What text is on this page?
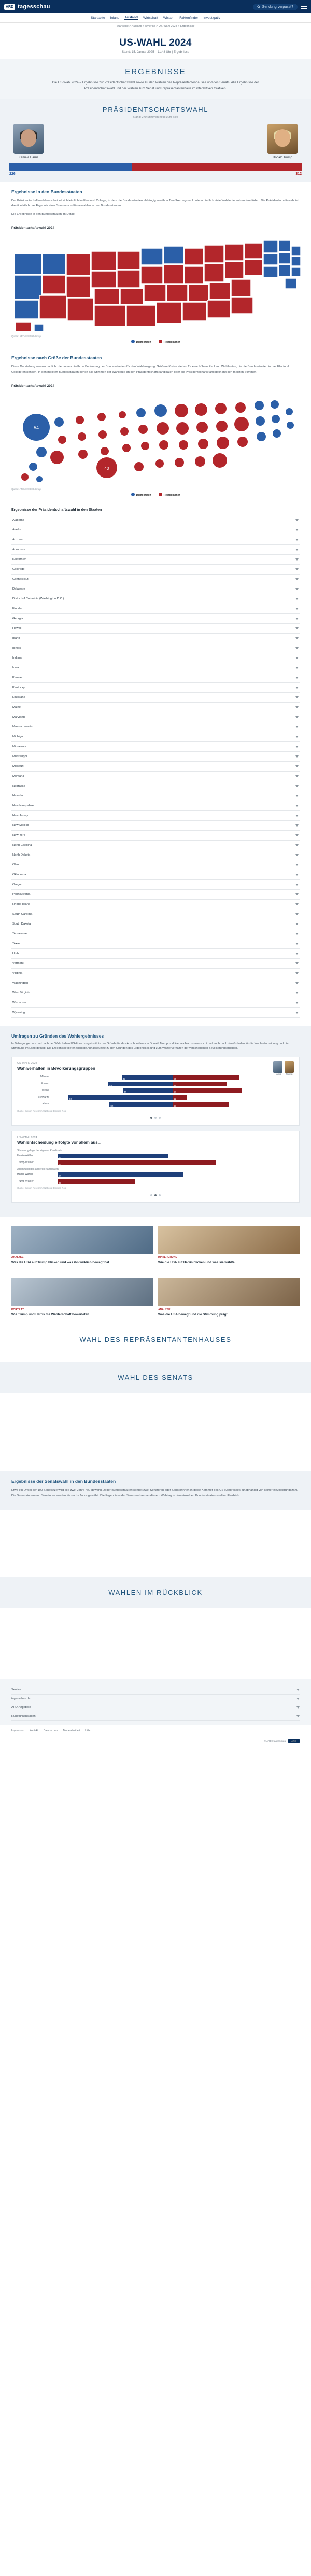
ARD tagesschau	Sendung verpasst?
Startseite Inland Ausland Wirtschaft Wissen Faktenfinder Investigativ
Startseite > Ausland > Amerika > US-Wahl 2024 > Ergebnisse
US-WAHL 2024
Stand: 15. Januar 2025 – 11:48 Uhr | Ergebnisse
ERGEBNISSE
Die US-Wahl 2024 – Ergebnisse zur Präsidentschaftswahl sowie zu den Wahlen des Repräsentantenhauses und des Senats. Alle Ergebnisse der Präsidentschaftswahl und der Wahlen zum Senat und Repräsentantenhaus im interaktiven Grafiken.
PRÄSIDENTSCHAFTSWAHL
Stand: 270 Stimmen nötig zum Sieg
Kamala Harris	Donald Trump
226	312
Ergebnisse in den Bundesstaaten

Der Präsidentschaftswahl entscheidet sich letztlich im Electoral College, in dem die Bundesstaaten abhängig von ihrer Bevölkerungszahl unterschiedlich viele Wahlleute entsenden dürfen. Die Präsidentschaftswahl ist damit letztlich das Ergebnis einer Summe von Einzelwahlen in den Bundesstaaten.

Die Ergebnisse in den Bundesstaaten im Detail:

Präsidentschaftswahl 2024
Quelle: ARD/Infratest dimap
Demokraten	Republikaner
Ergebnisse nach Größe der Bundesstaaten

Diese Darstellung veranschaulicht die unterschiedliche Bedeutung der Bundesstaaten für den Wahlausgang: Größere Kreise stehen für eine höhere Zahl von Wahlleuten, die die Bundesstaaten in das Electoral College entsenden. In den meisten Bundesstaaten gehen alle Stimmen der Wahlleute an den Präsidentschaftskandidaten oder die Präsidentschaftskandidatin mit den meisten Stimmen.

Präsidentschaftswahl 2024
54
40
Quelle: ARD/Infratest dimap
Demokraten	Republikaner
Ergebnisse der Präsidentschaftswahl in den Staaten
Alabama
Alaska
Arizona
Arkansas
Kalifornien
Colorado
Connecticut
Delaware
District of Columbia (Washington D.C.)
Florida
Georgia
Hawaii
Idaho
Illinois
Indiana
Iowa
Kansas
Kentucky
Louisiana
Maine
Maryland
Massachusetts
Michigan
Minnesota
Mississippi
Missouri
Montana
Nebraska
Nevada
New Hampshire
New Jersey
New Mexico
New York
North Carolina
North Dakota
Ohio
Oklahoma
Oregon
Pennsylvania
Rhode Island
South Carolina
South Dakota
Tennessee
Texas
Utah
Vermont
Virginia
Washington
West Virginia
Wisconsin
Wyoming
Umfragen zu Gründen des Wahlergebnisses

In Befragungen am und nach der Wahl haben US-Forschungsinstitute der Gründe für das Abschneiden von Donald Trump und Kamala Harris untersucht und auch nach den Gründen für die Wahlentscheidung und die Stimmung im Land gefragt. Die Ergebnisse bieten wichtige Anhaltspunkte zu den Gründen des Ergebnisses und zum Wählerverhalten der verschiedenen Bevölkerungsgruppen.

Harris	Trump
US-WAHL 2024
Wahlverhalten in Bevölkerungsgruppen
Männer	42	55
Frauen	53	45
Weiße	41	57
Schwarze	86	12
Latinos	52	46
Quelle: Edison Research / National Election Pool
US-WAHL 2024
Wahlentscheidung erfolgte vor allem aus...
Stimmungslage der eigenen Kandidatin
Harris-Wähler	47
Trump-Wähler	67
Ablehnung des anderen Kandidaten
Harris-Wähler	53
Trump-Wähler	33
Quelle: Edison Research / National Election Pool
ANALYSE
Was die USA auf Trump blicken und was ihn wirklich bewegt hat
HINTERGRUND
Wie die USA auf Harris blicken und was sie wählte
PORTRÄT
Wie Trump und Harris die Wählerschaft bewerteten
ANALYSE
Was die USA bewegt und die Stimmung prägt
WAHL DES REPRÄSENTANTENHAUSES
WAHL DES SENATS
Ergebnisse der Senatswahl in den Bundesstaaten

Etwa ein Drittel der 100 Senatsitze wird alle zwei Jahre neu gewählt. Jeder Bundesstaat entsendet zwei Senatoren oder Senatorinnen in diese Kammer des US-Kongresses, unabhängig von seiner Bevölkerungszahl. Die Senatorinnen und Senatoren werden für sechs Jahre gewählt. Die Ergebnisse der Senatswahlen an diesem Wahltag in den einzelnen Bundesstaaten sind im Überblick.

WAHLEN IM RÜCKBLICK
Service
tagesschau.de
ARD-Angebote
Rundfunkanstalten
Impressum Kontakt Datenschutz Barrierefreiheit Hilfe
© ARD | tagesschau	ARD
